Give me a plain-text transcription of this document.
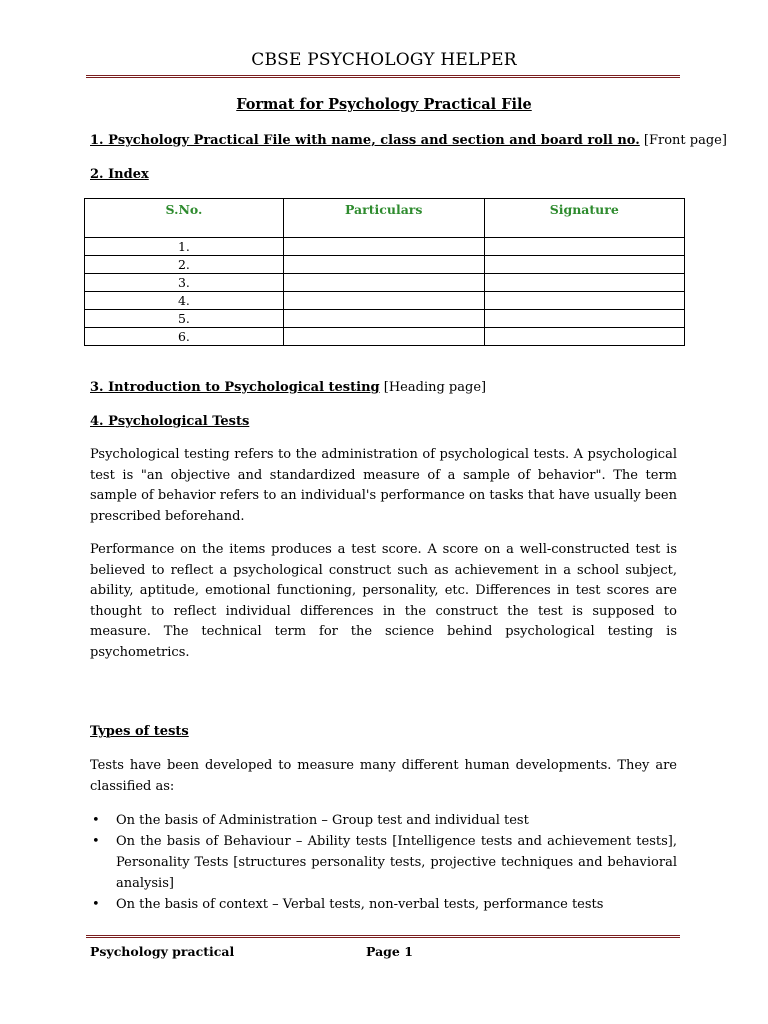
CBSE PSYCHOLOGY HELPER
Format for Psychology Practical File
1. Psychology Practical File with name, class and section and board roll no. [Front page]
2. Index
S.No.	Particulars	Signature
1.		
2.		
3.		
4.		
5.		
6.		
3. Introduction to Psychological testing [Heading page]
4. Psychological Tests
Psychological testing refers to the administration of psychological tests. A psychological test is "an objective and standardized measure of a sample of behavior". The term sample of behavior refers to an individual's performance on tasks that have usually been prescribed beforehand.
Performance on the items produces a test score. A score on a well-constructed test is believed to reflect a psychological construct such as achievement in a school subject, ability, aptitude, emotional functioning, personality, etc. Differences in test scores are thought to reflect individual differences in the construct the test is supposed to measure. The technical term for the science behind psychological testing is psychometrics.
Types of tests
Tests have been developed to measure many different human developments. They are classified as:
• On the basis of Administration – Group test and individual test
• On the basis of Behaviour – Ability tests [Intelligence tests and achievement tests], Personality Tests [structures personality tests, projective techniques and behavioral analysis]
• On the basis of context – Verbal tests, non-verbal tests, performance tests
Psychology practical	Page 1
